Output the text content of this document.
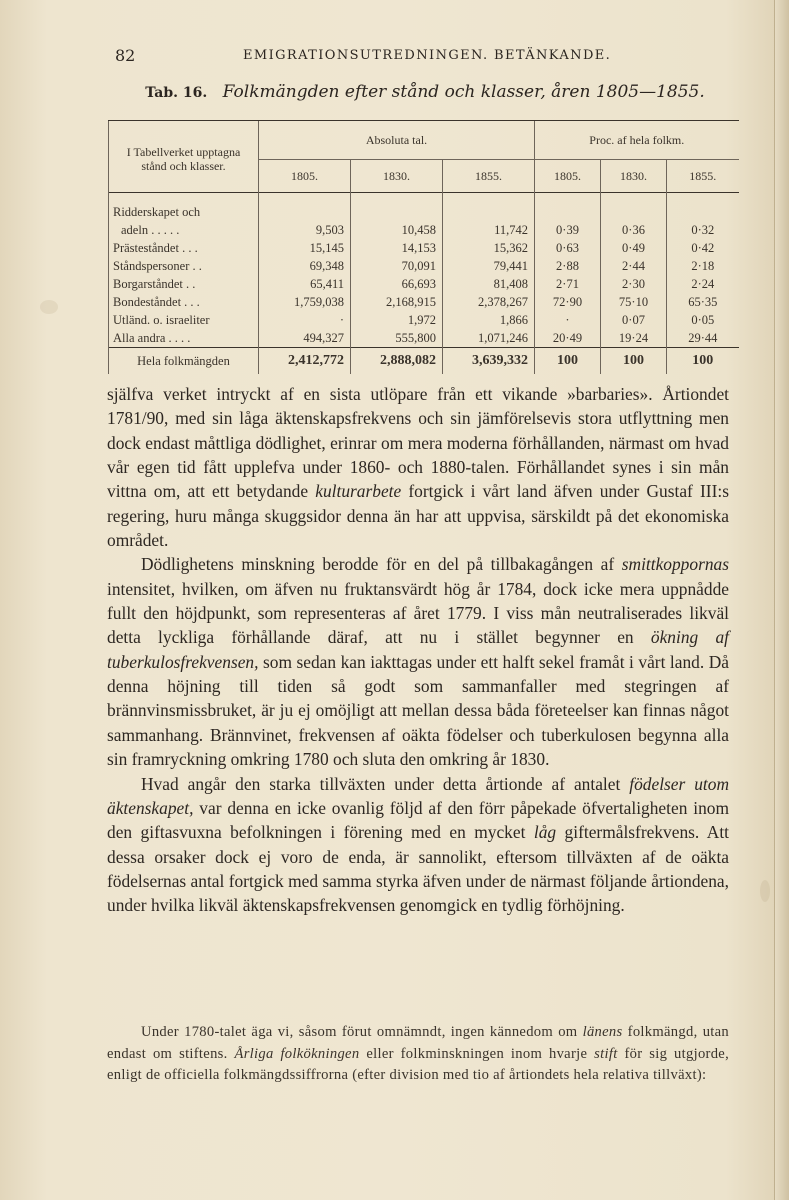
82	EMIGRATIONSUTREDNINGEN. BETÄNKANDE.
Tab. 16. Folkmängden efter stånd och klasser, åren 1805—1855.
I Tabellverket upptagna stånd och klasser.	Absoluta tal.			Proc. af hela folkm.		
	1805.	1830.	1855.	1805.	1830.	1855.

Ridderskapet och						
adeln . . . . .	9,503	10,458	11,742	0·39	0·36	0·32
Prästeståndet . . .	15,145	14,153	15,362	0·63	0·49	0·42
Ståndspersoner . .	69,348	70,091	79,441	2·88	2·44	2·18
Borgarståndet . .	65,411	66,693	81,408	2·71	2·30	2·24
Bondeståndet . . .	1,759,038	2,168,915	2,378,267	72·90	75·10	65·35
Utländ. o. israeliter	·	1,972	1,866	·	0·07	0·05
Alla andra . . . .	494,327	555,800	1,071,246	20·49	19·24	29·44
Hela folkmängden	2,412,772	2,888,082	3,639,332	100	100	100

själfva verket intryckt af en sista utlöpare från ett vikande »barbaries». Årtiondet 1781/90, med sin låga äktenskapsfrekvens och sin jämförelsevis stora utflyttning men dock endast måttliga dödlighet, erinrar om mera moderna förhållanden, närmast om hvad vår egen tid fått upplefva under 1860- och 1880-talen. Förhållandet synes i sin mån vittna om, att ett betydande kulturarbete fortgick i vårt land äfven under Gustaf III:s regering, huru många skuggsidor denna än har att uppvisa, särskildt på det ekonomiska området.

Dödlighetens minskning berodde för en del på tillbakagången af smittkoppornas intensitet, hvilken, om äfven nu fruktansvärdt hög år 1784, dock icke mera uppnådde fullt den höjdpunkt, som representeras af året 1779. I viss mån neutraliserades likväl detta lyckliga förhållande däraf, att nu i stället begynner en ökning af tuberkulosfrekvensen, som sedan kan iakttagas under ett halft sekel framåt i vårt land. Då denna höjning till tiden så godt som sammanfaller med stegringen af brännvinsmissbruket, är ju ej omöjligt att mellan dessa båda företeelser kan finnas något sammanhang. Brännvinet, frekvensen af oäkta födelser och tuberkulosen begynna alla sin framryckning omkring 1780 och sluta den omkring år 1830.

Hvad angår den starka tillväxten under detta årtionde af antalet födelser utom äktenskapet, var denna en icke ovanlig följd af den förr påpekade öfvertaligheten inom den giftasvuxna befolkningen i förening med en mycket låg giftermålsfrekvens. Att dessa orsaker dock ej voro de enda, är sannolikt, eftersom tillväxten af de oäkta födelsernas antal fortgick med samma styrka äfven under de närmast följande årtiondena, under hvilka likväl äktenskapsfrekvensen genomgick en tydlig förhöjning.

Under 1780-talet äga vi, såsom förut omnämndt, ingen kännedom om länens folkmängd, utan endast om stiftens. Årliga folkökningen eller folkminskningen inom hvarje stift för sig utgjorde, enligt de officiella folkmängdssiffrorna (efter division med tio af årtiondets hela relativa tillväxt):
